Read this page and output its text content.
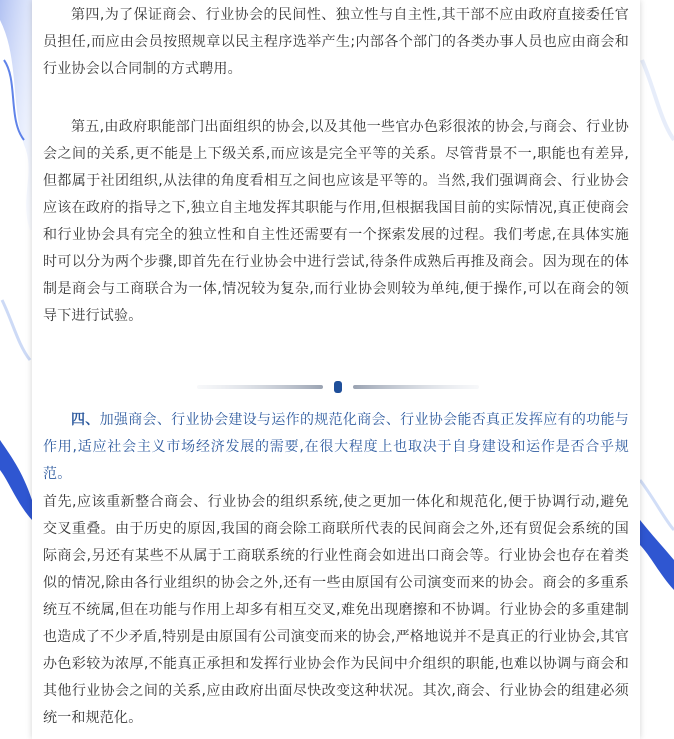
第四,为了保证商会、行业协会的民间性、独立性与自主性,其干部不应由政府直接委任官员担任,而应由会员按照规章以民主程序选举产生;内部各个部门的各类办事人员也应由商会和行业协会以合同制的方式聘用。

第五,由政府职能部门出面组织的协会,以及其他一些官办色彩很浓的协会,与商会、行业协会之间的关系,更不能是上下级关系,而应该是完全平等的关系。尽管背景不一,职能也有差异,但都属于社团组织,从法律的角度看相互之间也应该是平等的。当然,我们强调商会、行业协会应该在政府的指导之下,独立自主地发挥其职能与作用,但根据我国目前的实际情况,真正使商会和行业协会具有完全的独立性和自主性还需要有一个探索发展的过程。我们考虑,在具体实施时可以分为两个步骤,即首先在行业协会中进行尝试,待条件成熟后再推及商会。因为现在的体制是商会与工商联合为一体,情况较为复杂,而行业协会则较为单纯,便于操作,可以在商会的领导下进行试验。

四、加强商会、行业协会建设与运作的规范化商会、行业协会能否真正发挥应有的功能与作用,适应社会主义市场经济发展的需要,在很大程度上也取决于自身建设和运作是否合乎规范。

首先,应该重新整合商会、行业协会的组织系统,使之更加一体化和规范化,便于协调行动,避免交叉重叠。由于历史的原因,我国的商会除工商联所代表的民间商会之外,还有贸促会系统的国际商会,另还有某些不从属于工商联系统的行业性商会如进出口商会等。行业协会也存在着类似的情况,除由各行业组织的协会之外,还有一些由原国有公司演变而来的协会。商会的多重系统互不统属,但在功能与作用上却多有相互交叉,难免出现磨擦和不协调。行业协会的多重建制也造成了不少矛盾,特别是由原国有公司演变而来的协会,严格地说并不是真正的行业协会,其官办色彩较为浓厚,不能真正承担和发挥行业协会作为民间中介组织的职能,也难以协调与商会和其他行业协会之间的关系,应由政府出面尽快改变这种状况。其次,商会、行业协会的组建必须统一和规范化。
